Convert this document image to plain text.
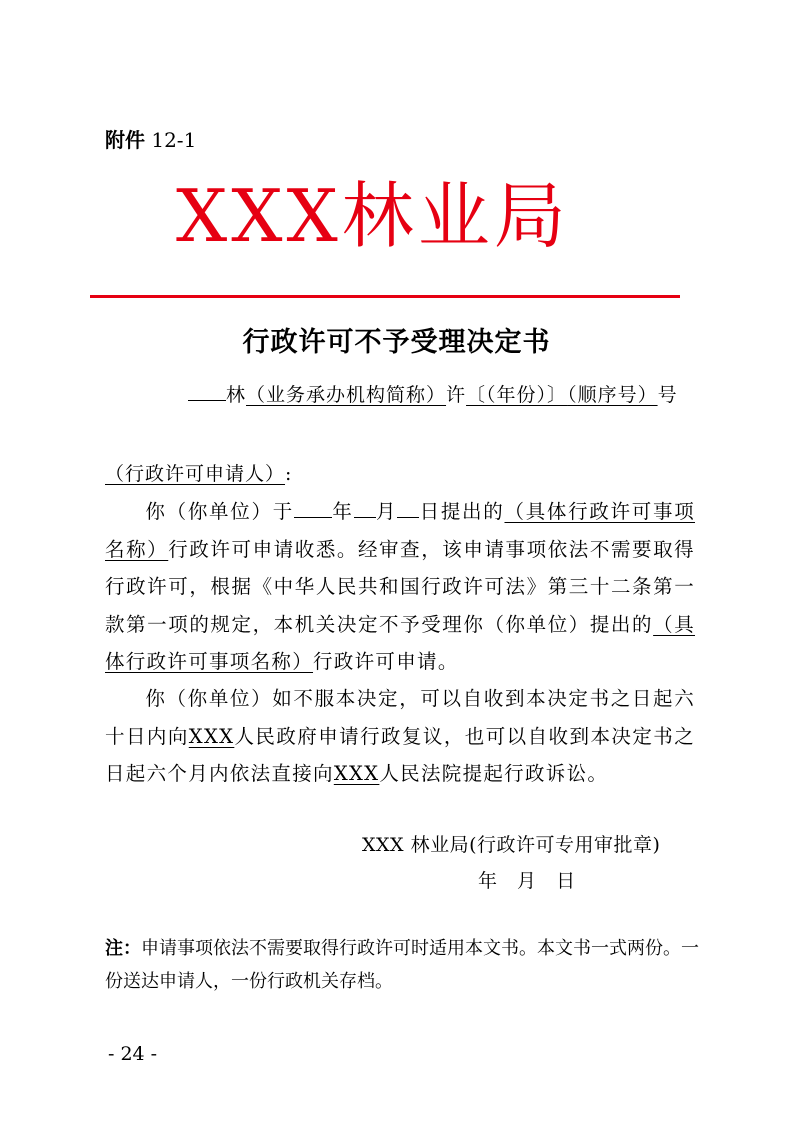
附件 12-1
XXX林业局
行政许可不予受理决定书
林（业务承办机构简称）许〔（年份）〕（顺序号）号
（行政许可申请人）:
你（你单位）于 年 月 日提出的（具体行政许可事项名称）行政许可申请收悉。经审查，该申请事项依法不需要取得行政许可，根据《中华人民共和国行政许可法》第三十二条第一款第一项的规定，本机关决定不予受理你（你单位）提出的（具体行政许可事项名称）行政许可申请。
你（你单位）如不服本决定，可以自收到本决定书之日起六十日内向XXX人民政府申请行政复议，也可以自收到本决定书之日起六个月内依法直接向XXX人民法院提起行政诉讼。
XXX 林业局(行政许可专用审批章)
年 月 日
注：申请事项依法不需要取得行政许可时适用本文书。本文书一式两份。一份送达申请人，一份行政机关存档。
- 24 -
